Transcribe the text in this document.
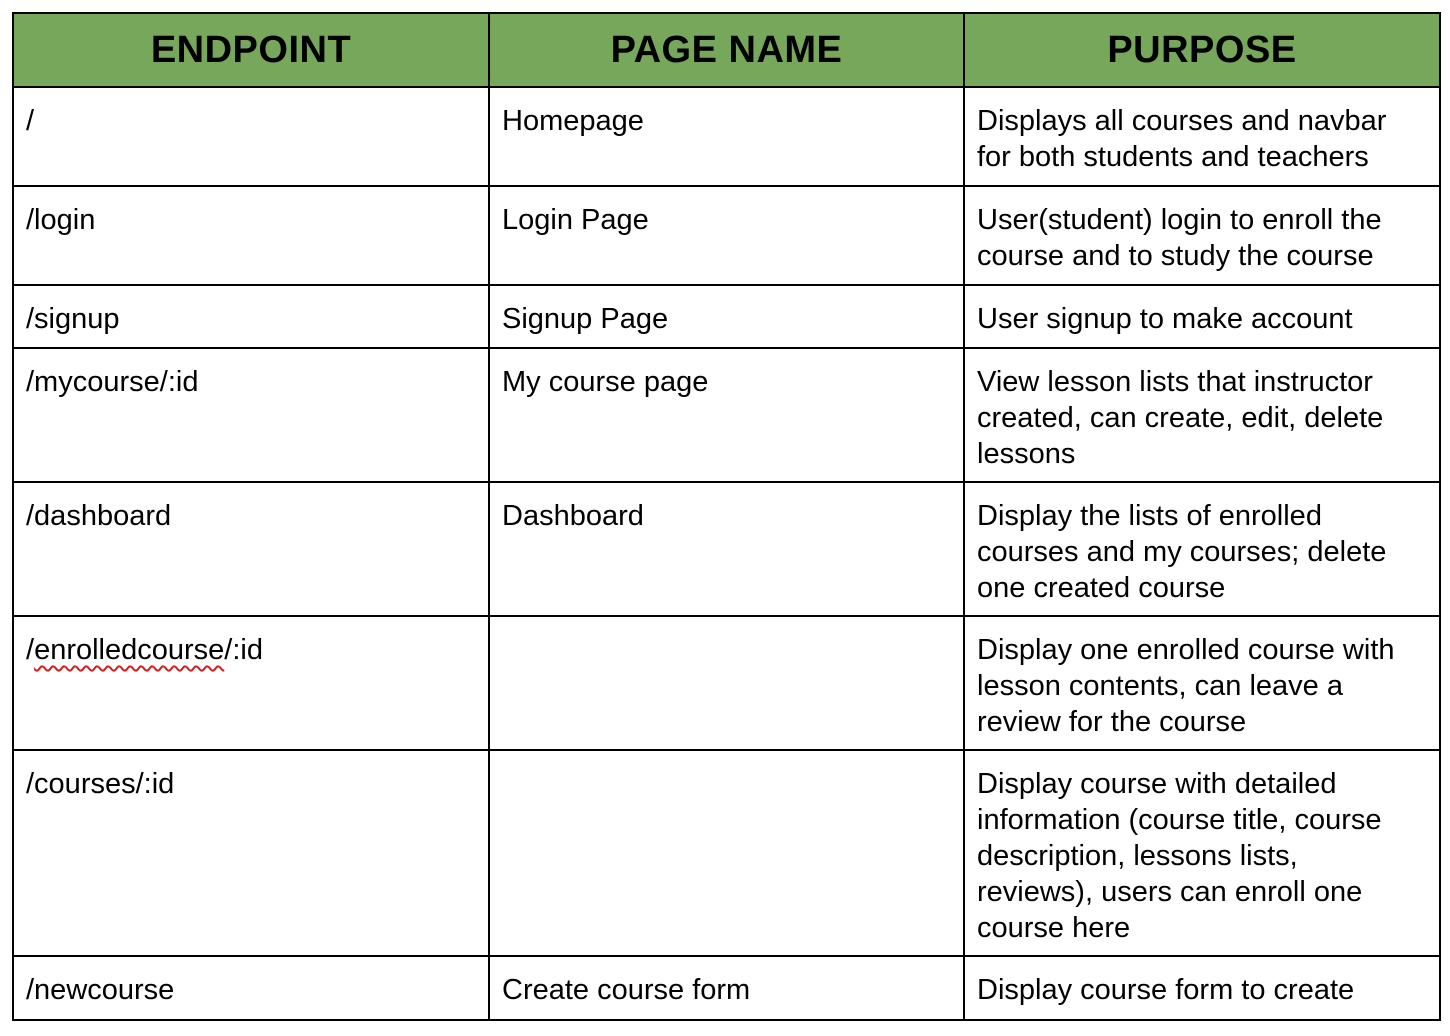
ENDPOINT	PAGE NAME	PURPOSE

/	Homepage	Displays all courses and navbar
for both students and teachers

/login	Login Page	User(student) login to enroll the
course and to study the course

/signup	Signup Page	User signup to make account

/mycourse/:id	My course page	View lesson lists that instructor
created, can create, edit, delete
lessons

/dashboard	Dashboard	Display the lists of enrolled
courses and my courses; delete
one created course

/enrolledcourse/:id		Display one enrolled course with
lesson contents, can leave a
review for the course

/courses/:id		Display course with detailed
information (course title, course
description, lessons lists,
reviews), users can enroll one
course here

/newcourse	Create course form	Display course form to create
